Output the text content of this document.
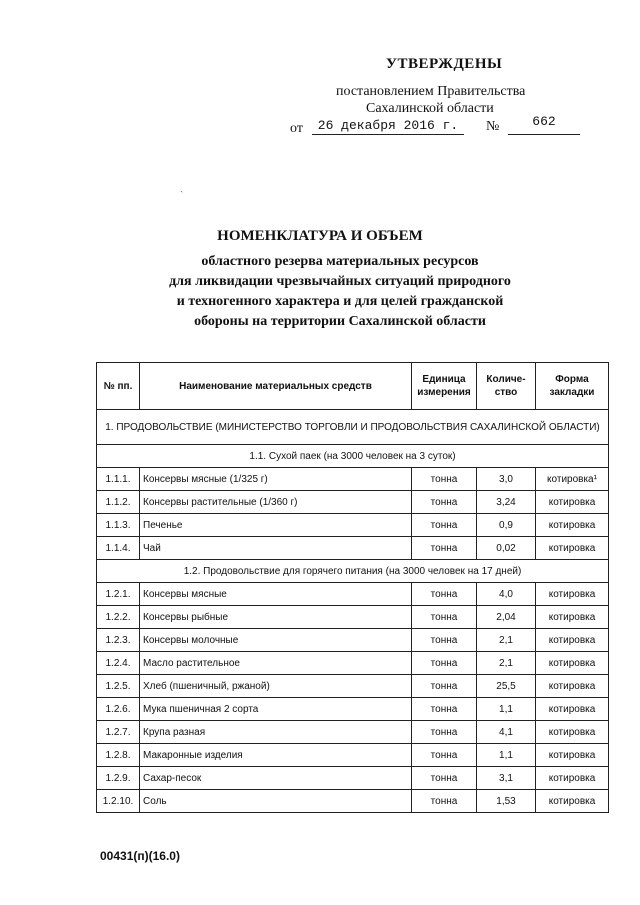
УТВЕРЖДЕНЫ
постановлением Правительства
Сахалинской области
от	26 декабря 2016 г.	№	662
ˎ
НОМЕНКЛАТУРА И ОБЪЕМ
областного резерва материальных ресурсов
для ликвидации чрезвычайных ситуаций природного
и техногенного характера и для целей гражданской
обороны на территории Сахалинской области
№ пп.	Наименование материальных средств	Единица измерения	Количе- ство	Форма закладки
1. ПРОДОВОЛЬСТВИЕ (МИНИСТЕРСТВО ТОРГОВЛИ И ПРОДОВОЛЬСТВИЯ САХАЛИНСКОЙ ОБЛАСТИ)				
1.1. Сухой паек (на 3000 человек на 3 суток)				
1.1.1.	Консервы мясные (1/325 г)	тонна	3,0	котировка¹
1.1.2.	Консервы растительные (1/360 г)	тонна	3,24	котировка
1.1.3.	Печенье	тонна	0,9	котировка
1.1.4.	Чай	тонна	0,02	котировка
1.2. Продовольствие для горячего питания (на 3000 человек на 17 дней)				
1.2.1.	Консервы мясные	тонна	4,0	котировка
1.2.2.	Консервы рыбные	тонна	2,04	котировка
1.2.3.	Консервы молочные	тонна	2,1	котировка
1.2.4.	Масло растительное	тонна	2,1	котировка
1.2.5.	Хлеб (пшеничный, ржаной)	тонна	25,5	котировка
1.2.6.	Мука пшеничная 2 сорта	тонна	1,1	котировка
1.2.7.	Крупа разная	тонна	4,1	котировка
1.2.8.	Макаронные изделия	тонна	1,1	котировка
1.2.9.	Сахар-песок	тонна	3,1	котировка
1.2.10.	Соль	тонна	1,53	котировка
00431(п)(16.0)
